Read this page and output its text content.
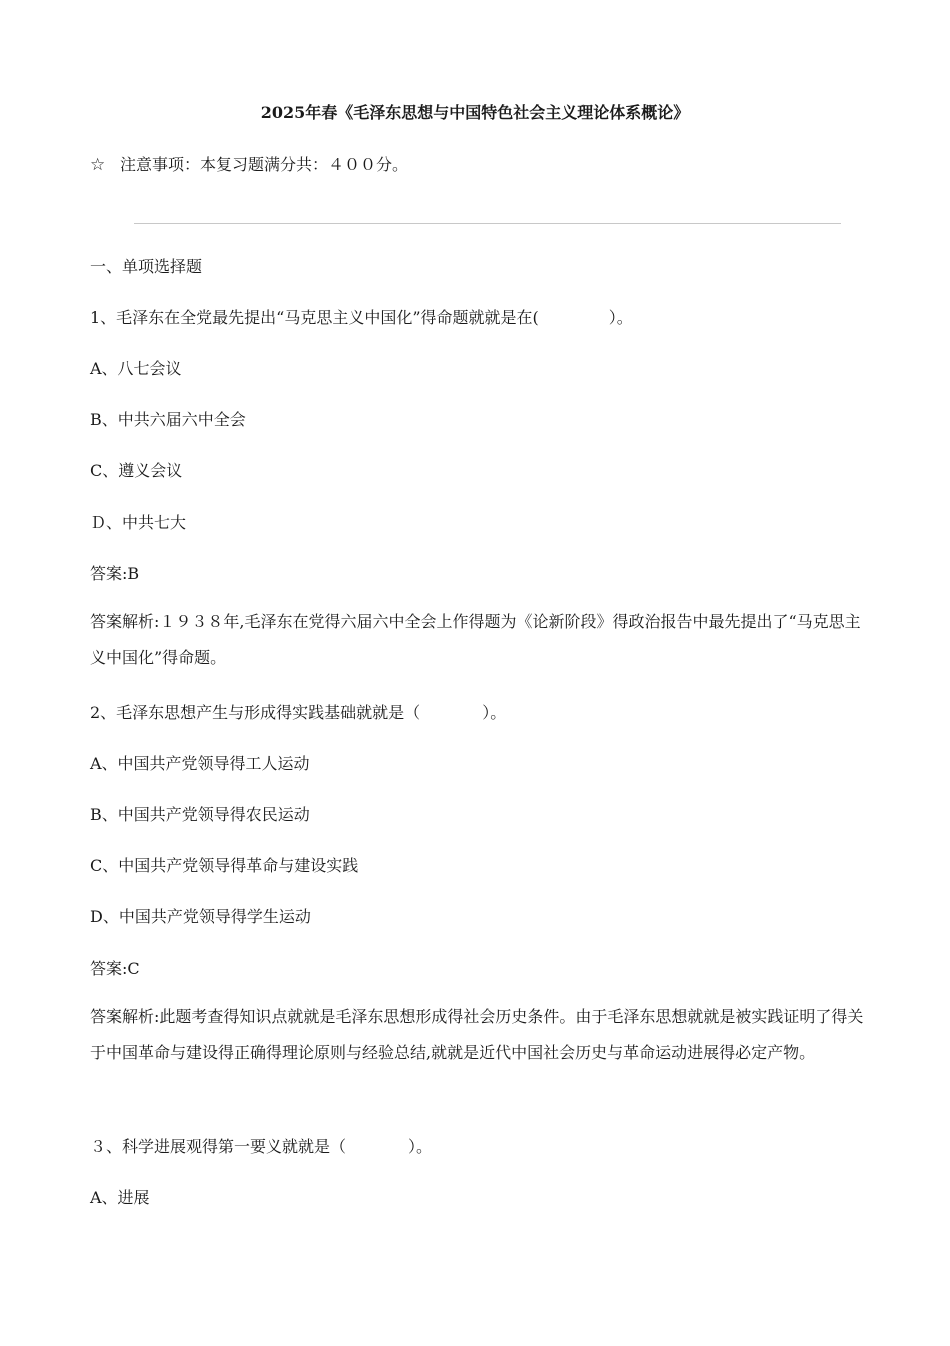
2025年春《毛泽东思想与中国特色社会主义理论体系概论》
☆ 注意事项：本复习题满分共：４００分。
一、单项选择题
1、毛泽东在全党最先提出“马克思主义中国化”得命题就就是在(	）。
A、八七会议
B、中共六届六中全会
C、遵义会议
Ｄ、中共七大
答案:B
答案解析:１９３８年,毛泽东在党得六届六中全会上作得题为《论新阶段》得政治报告中最先提出了“马克思主义中国化”得命题。
2、毛泽东思想产生与形成得实践基础就就是（	）。
A、中国共产党领导得工人运动
B、中国共产党领导得农民运动
C、中国共产党领导得革命与建设实践
D、中国共产党领导得学生运动
答案:C
答案解析:此题考查得知识点就就是毛泽东思想形成得社会历史条件。由于毛泽东思想就就是被实践证明了得关于中国革命与建设得正确得理论原则与经验总结,就就是近代中国社会历史与革命运动进展得必定产物。
３、科学进展观得第一要义就就是（	）。
A、进展
